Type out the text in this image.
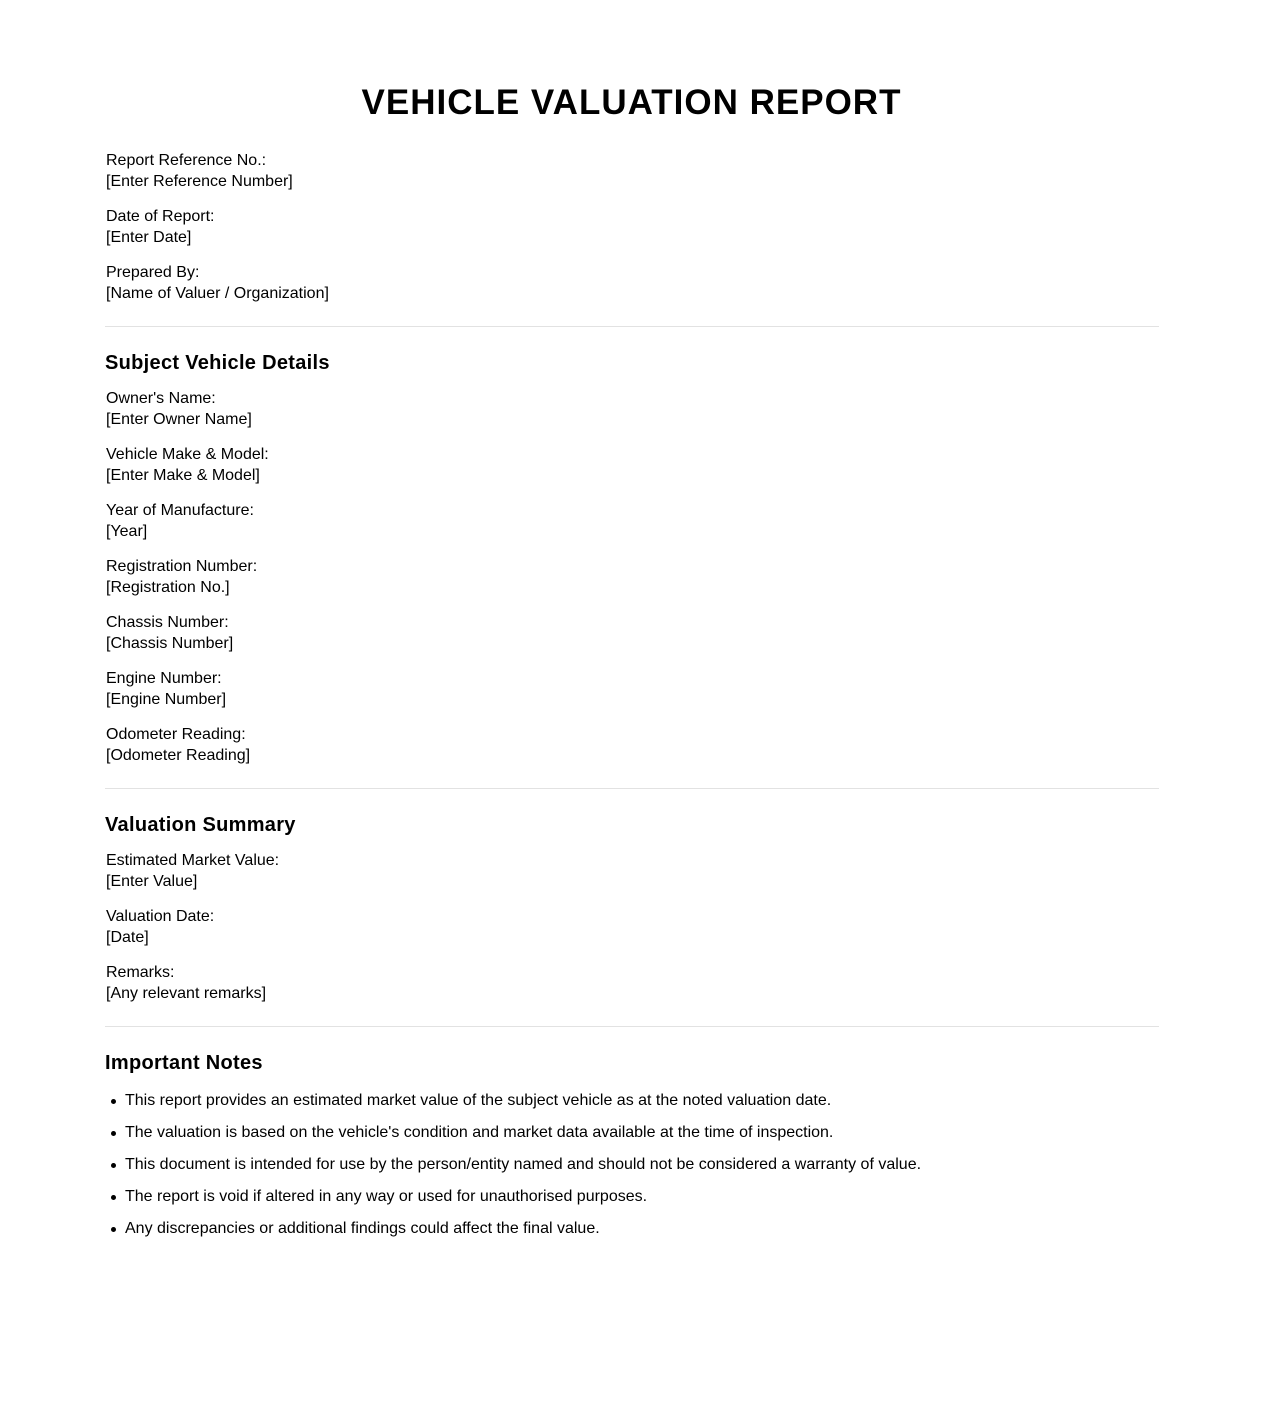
VEHICLE VALUATION REPORT
Report Reference No.:
[Enter Reference Number]
Date of Report:
[Enter Date]
Prepared By:
[Name of Valuer / Organization]
Subject Vehicle Details
Owner's Name:
[Enter Owner Name]
Vehicle Make & Model:
[Enter Make & Model]
Year of Manufacture:
[Year]
Registration Number:
[Registration No.]
Chassis Number:
[Chassis Number]
Engine Number:
[Engine Number]
Odometer Reading:
[Odometer Reading]
Valuation Summary
Estimated Market Value:
[Enter Value]
Valuation Date:
[Date]
Remarks:
[Any relevant remarks]
Important Notes
This report provides an estimated market value of the subject vehicle as at the noted valuation date.
The valuation is based on the vehicle's condition and market data available at the time of inspection.
This document is intended for use by the person/entity named and should not be considered a warranty of value.
The report is void if altered in any way or used for unauthorised purposes.
Any discrepancies or additional findings could affect the final value.
